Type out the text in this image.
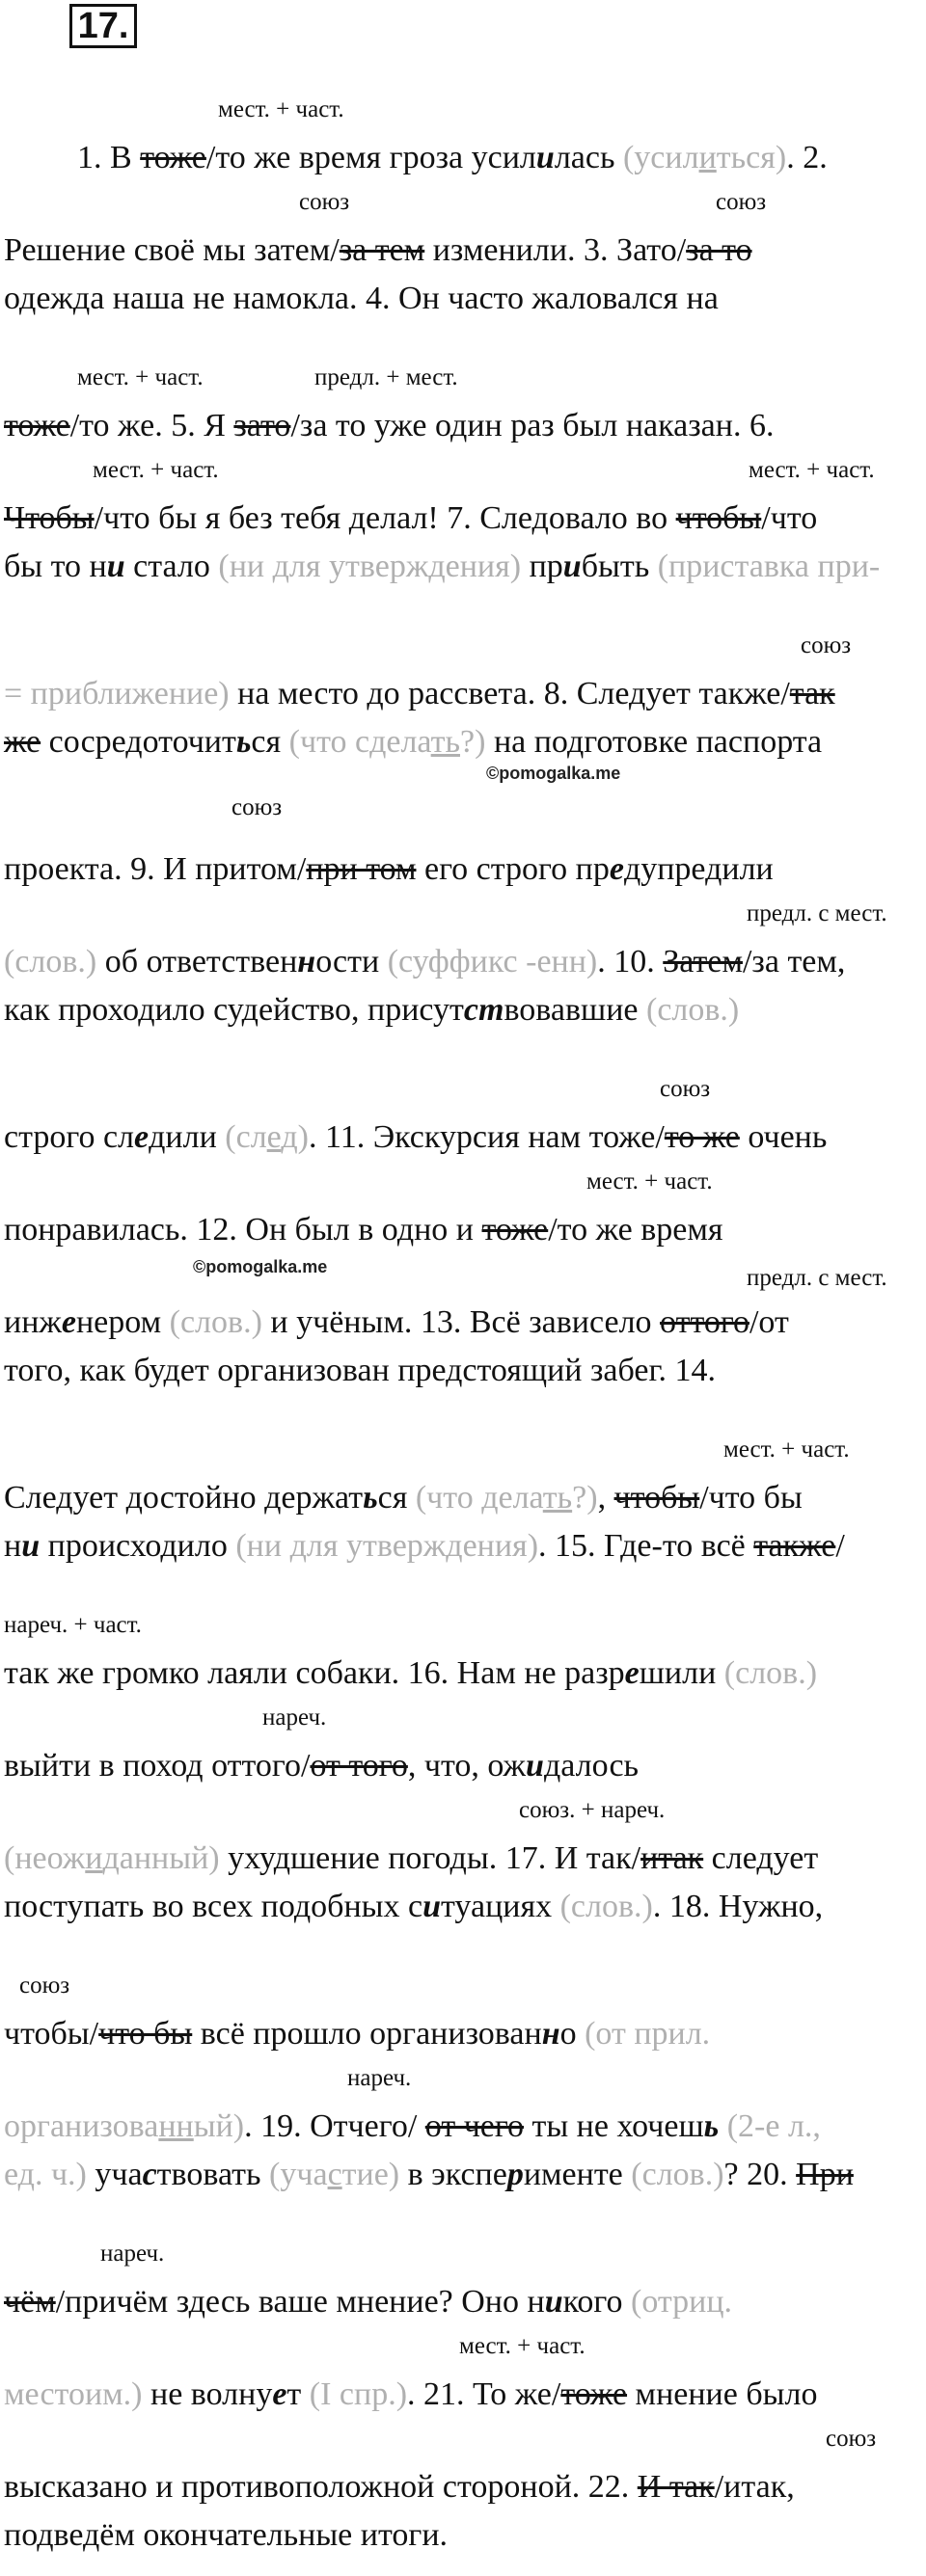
17.
мест. + част.
1. В тоже/то же время гроза усилилась (усилиться). 2.
союз	союз
Решение своё мы затем/за тем изменили. 3. Зато/за то
одежда наша не намокла. 4. Он часто жаловался на
мест. + част.	предл. + мест.
тоже/то же. 5. Я зато/за то уже один раз был наказан. 6.
мест. + част.	мест. + част.
Чтобы/что бы я без тебя делал! 7. Следовало во чтобы/что
бы то ни стало (ни для утверждения) прибыть (приставка при-
союз
= приближение) на место до рассвета. 8. Следует также/так
же сосредоточиться (что сделать?) на подготовке паспорта
©pomogalka.me
союз
проекта. 9. И притом/при том его строго предупредили
предл. с мест.
(слов.) об ответственности (суффикс -енн). 10. Затем/за тем,
как проходило судейство, присутствовавшие (слов.)
союз
строго следили (след). 11. Экскурсия нам тоже/то же очень
мест. + част.
понравилась. 12. Он был в одно и тоже/то же время
©pomogalka.me	предл. с мест.
инженером (слов.) и учёным. 13. Всё зависело оттого/от
того, как будет организован предстоящий забег. 14.
мест. + част.
Следует достойно держаться (что делать?), чтобы/что бы
ни происходило (ни для утверждения). 15. Где-то всё также/
нареч. + част.
так же громко лаяли собаки. 16. Нам не разрешили (слов.)
нареч.
выйти в поход оттого/от того, что, ожидалось
союз. + нареч.
(неожиданный) ухудшение погоды. 17. И так/итак следует
поступать во всех подобных ситуациях (слов.). 18. Нужно,
союз
чтобы/что бы всё прошло организованно (от прил.
нареч.
организованный). 19. Отчего/ от чего ты не хочешь (2-е л.,
ед. ч.) участвовать (участие) в эксперименте (слов.)? 20. При
нареч.
чём/причём здесь ваше мнение? Оно никого (отриц.
мест. + част.
местоим.) не волнует (I спр.). 21. То же/тоже мнение было
союз
высказано и противоположной стороной. 22. И так/итак,
подведём окончательные итоги.
